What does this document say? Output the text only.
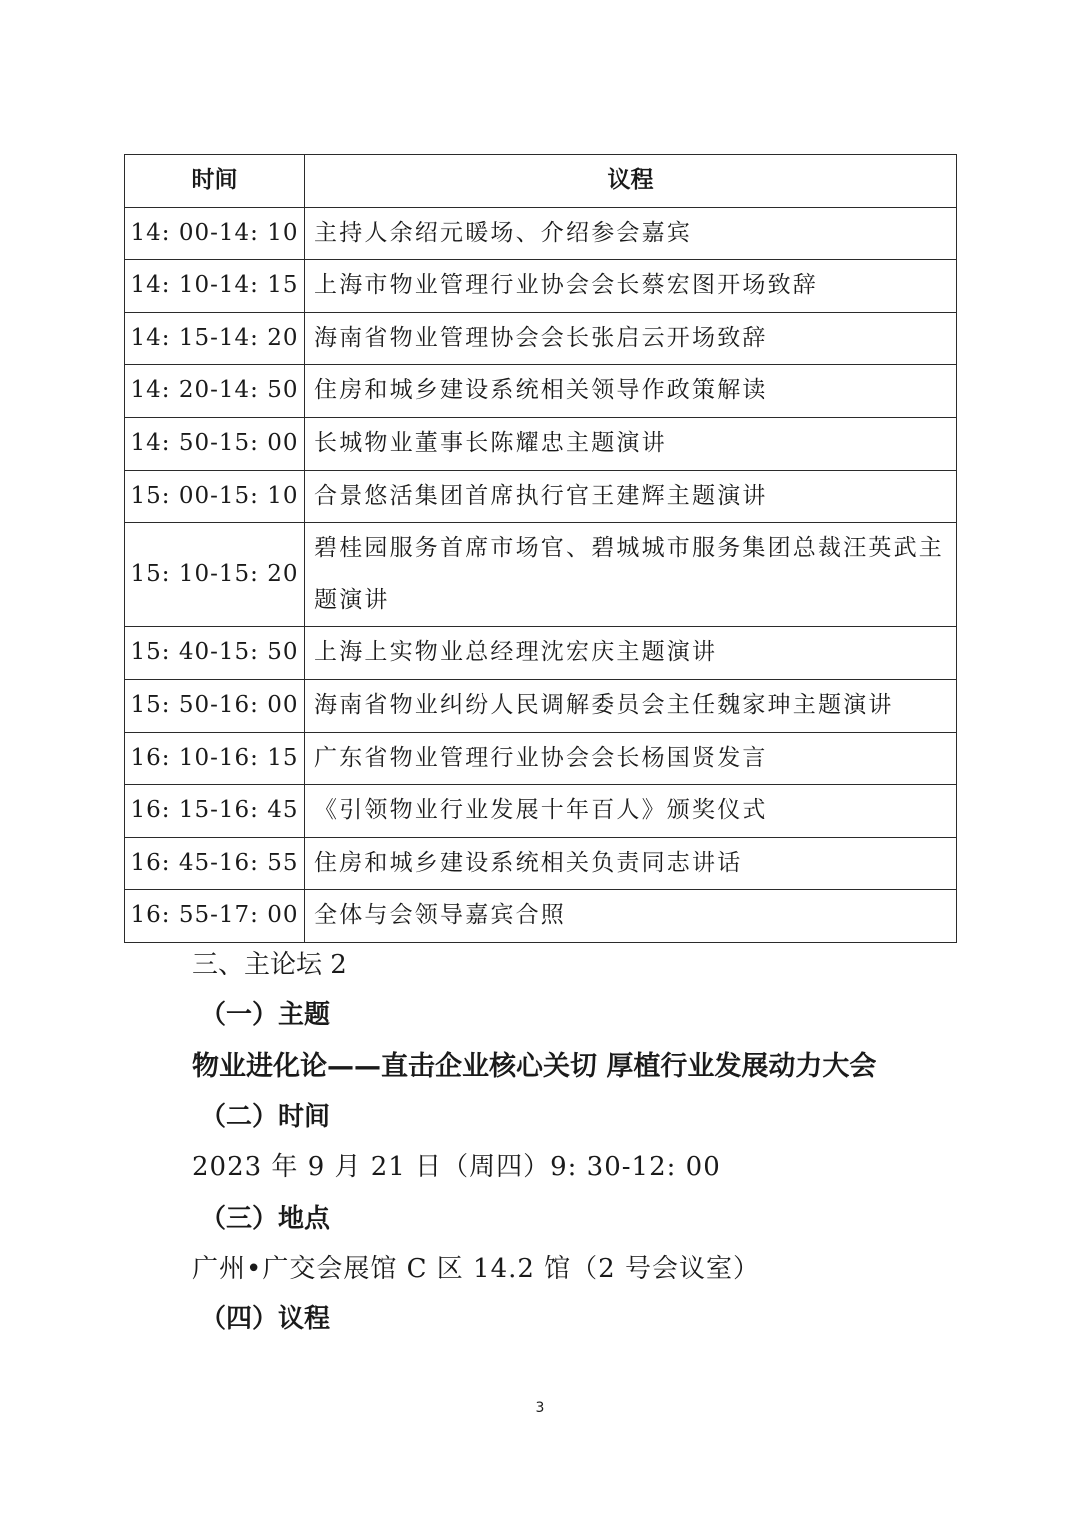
时间	议程
14: 00-14: 10	主持人余绍元暖场、介绍参会嘉宾
14: 10-14: 15	上海市物业管理行业协会会长蔡宏图开场致辞
14: 15-14: 20	海南省物业管理协会会长张启云开场致辞
14: 20-14: 50	住房和城乡建设系统相关领导作政策解读
14: 50-15: 00	长城物业董事长陈耀忠主题演讲
15: 00-15: 10	合景悠活集团首席执行官王建辉主题演讲
15: 10-15: 20	碧桂园服务首席市场官、碧城城市服务集团总裁汪英武主题演讲
15: 40-15: 50	上海上实物业总经理沈宏庆主题演讲
15: 50-16: 00	海南省物业纠纷人民调解委员会主任魏家珅主题演讲
16: 10-16: 15	广东省物业管理行业协会会长杨国贤发言
16: 15-16: 45	《引领物业行业发展十年百人》颁奖仪式
16: 45-16: 55	住房和城乡建设系统相关负责同志讲话
16: 55-17: 00	全体与会领导嘉宾合照
三、主论坛 2
（一）主题
物业进化论——直击企业核心关切 厚植行业发展动力大会
（二）时间
2023 年 9 月 21 日（周四）9: 30-12: 00
（三）地点
广州•广交会展馆 C 区 14.2 馆（2 号会议室）
（四）议程
3
